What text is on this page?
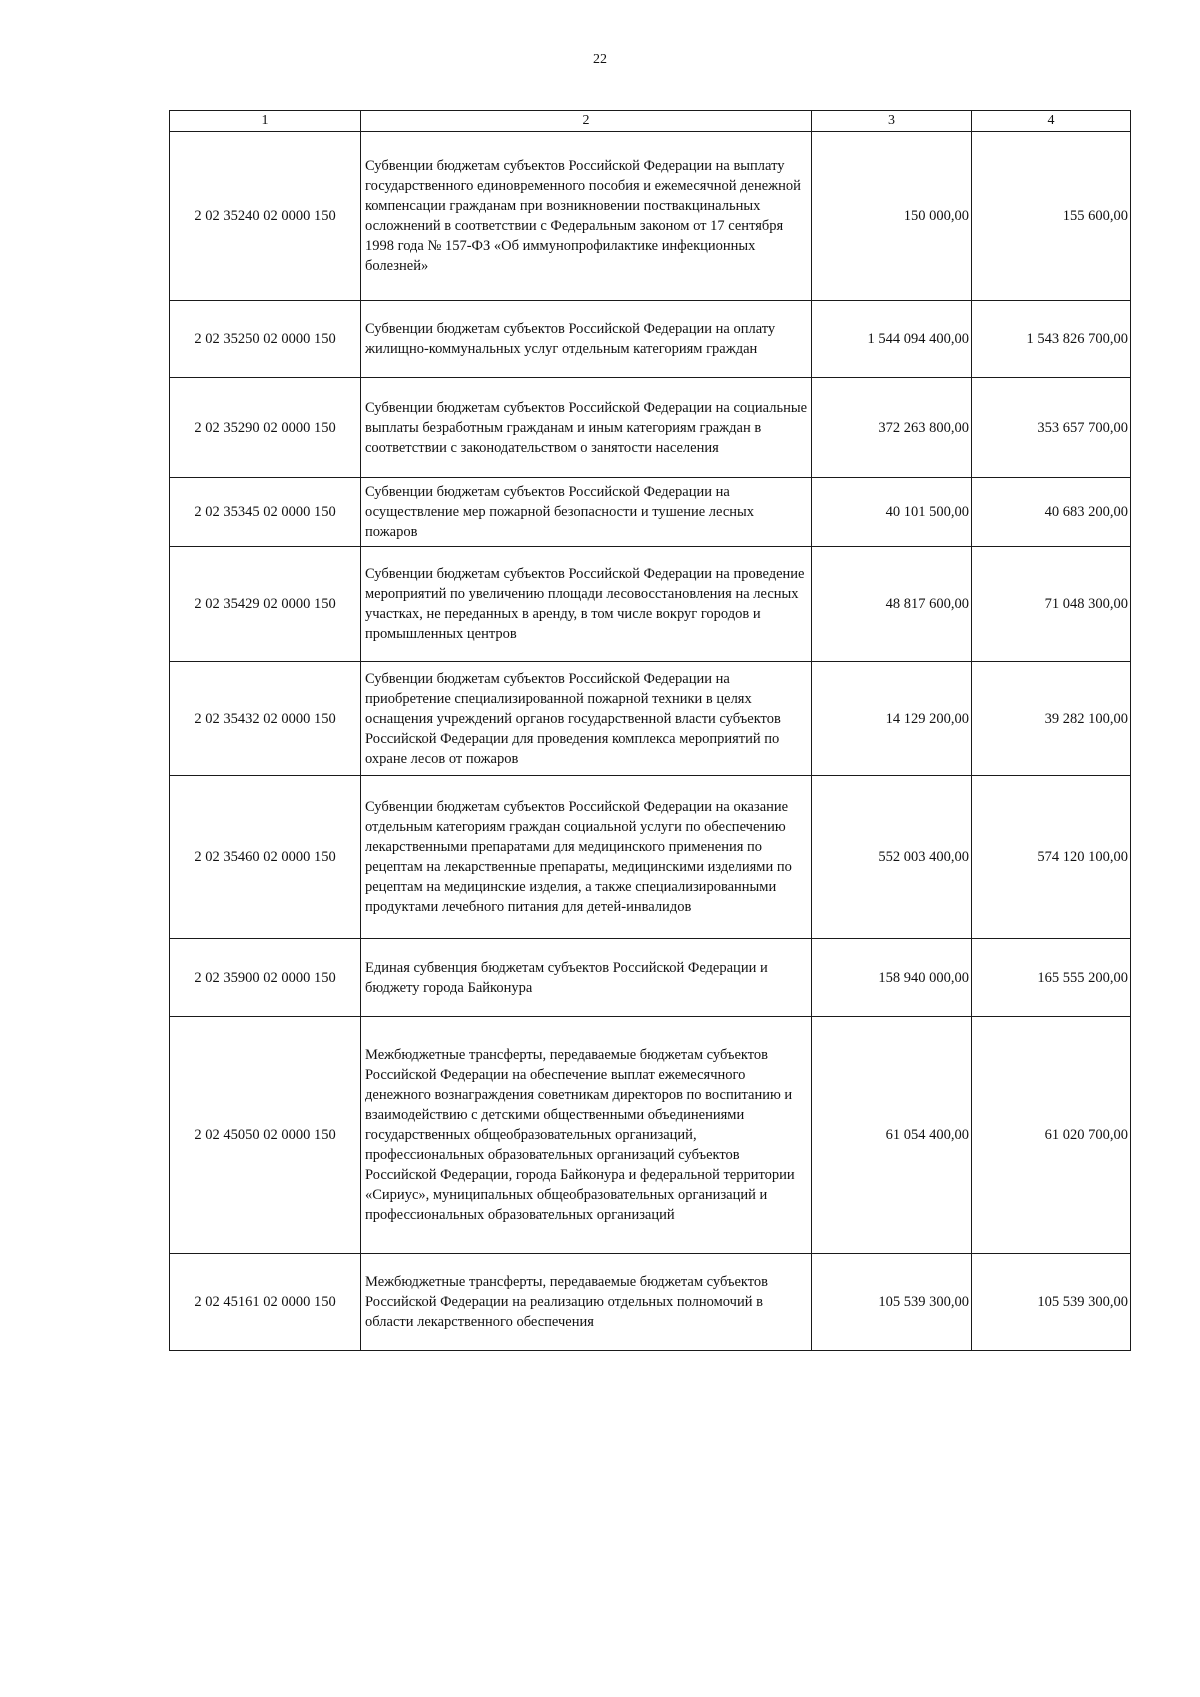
22
1	2	3	4
2 02 35240 02 0000 150	Субвенции бюджетам субъектов Российской Федерации на выплату государственного единовременного пособия и ежемесячной денежной компенсации гражданам при возникновении поствакцинальных осложнений в соответствии с Федеральным законом от 17 сентября 1998 года № 157-ФЗ «Об иммунопрофилактике инфекционных болезней»	150 000,00	155 600,00
2 02 35250 02 0000 150	Субвенции бюджетам субъектов Российской Федерации на оплату жилищно-коммунальных услуг отдельным категориям граждан	1 544 094 400,00	1 543 826 700,00
2 02 35290 02 0000 150	Субвенции бюджетам субъектов Российской Федерации на социальные выплаты безработным гражданам и иным категориям граждан в соответствии с законодательством о занятости населения	372 263 800,00	353 657 700,00
2 02 35345 02 0000 150	Субвенции бюджетам субъектов Российской Федерации на осуществление мер пожарной безопасности и тушение лесных пожаров	40 101 500,00	40 683 200,00
2 02 35429 02 0000 150	Субвенции бюджетам субъектов Российской Федерации на проведение мероприятий по увеличению площади лесовосстановления на лесных участках, не переданных в аренду, в том числе вокруг городов и промышленных центров	48 817 600,00	71 048 300,00
2 02 35432 02 0000 150	Субвенции бюджетам субъектов Российской Федерации на приобретение специализированной пожарной техники в целях оснащения учреждений органов государственной власти субъектов Российской Федерации для проведения комплекса мероприятий по охране лесов от пожаров	14 129 200,00	39 282 100,00
2 02 35460 02 0000 150	Субвенции бюджетам субъектов Российской Федерации на оказание отдельным категориям граждан социальной услуги по обеспечению лекарственными препаратами для медицинского применения по рецептам на лекарственные препараты, медицинскими изделиями по рецептам на медицинские изделия, а также специализированными продуктами лечебного питания для детей-инвалидов	552 003 400,00	574 120 100,00
2 02 35900 02 0000 150	Единая субвенция бюджетам субъектов Российской Федерации и бюджету города Байконура	158 940 000,00	165 555 200,00
2 02 45050 02 0000 150	Межбюджетные трансферты, передаваемые бюджетам субъектов Российской Федерации на обеспечение выплат ежемесячного денежного вознаграждения советникам директоров по воспитанию и взаимодействию с детскими общественными объединениями государственных общеобразовательных организаций, профессиональных образовательных организаций субъектов Российской Федерации, города Байконура и федеральной территории «Сириус», муниципальных общеобразовательных организаций и профессиональных образовательных организаций	61 054 400,00	61 020 700,00
2 02 45161 02 0000 150	Межбюджетные трансферты, передаваемые бюджетам субъектов Российской Федерации на реализацию отдельных полномочий в области лекарственного обеспечения	105 539 300,00	105 539 300,00
